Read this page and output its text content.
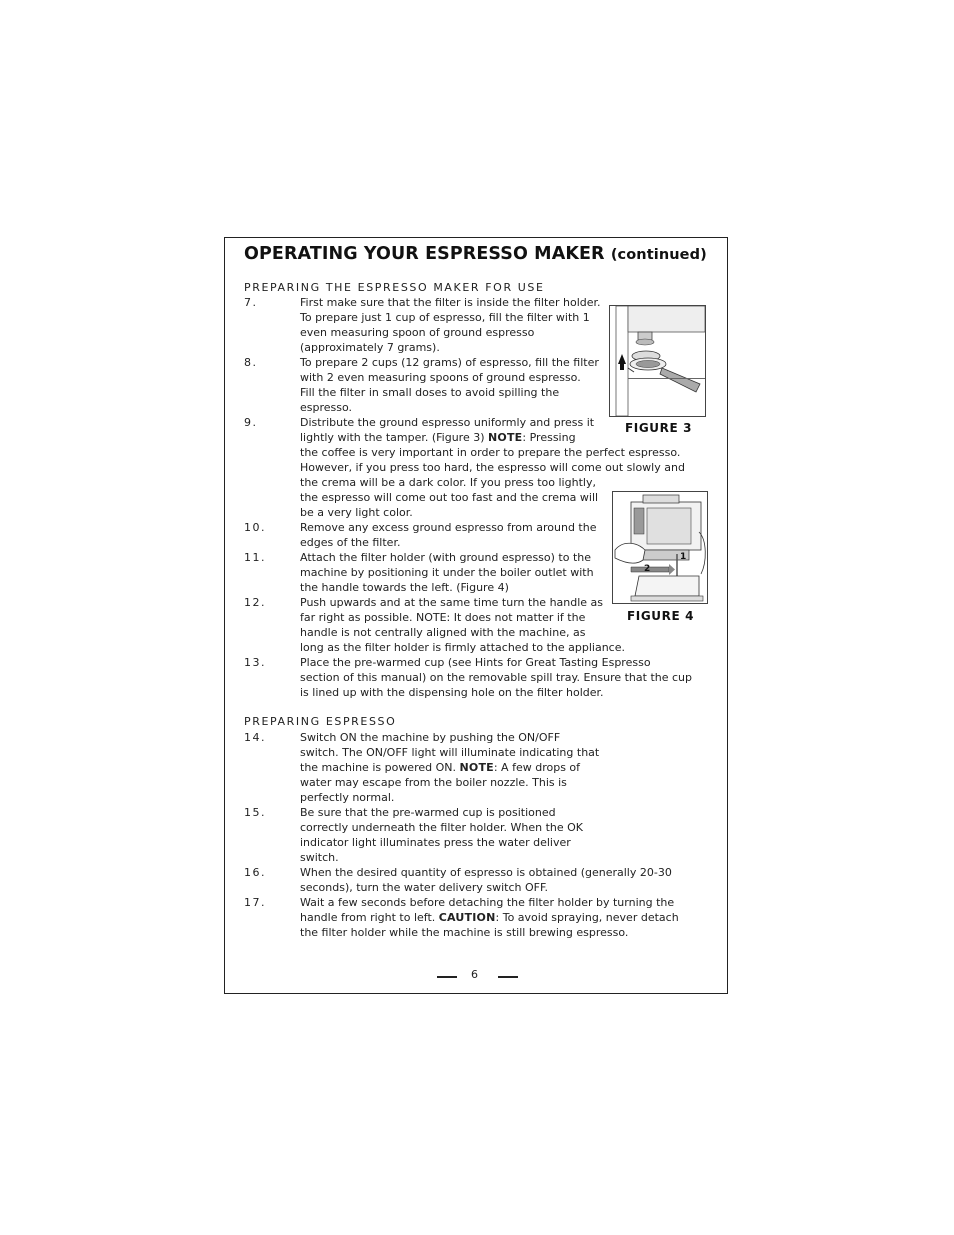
OPERATING YOUR ESPRESSO MAKER (continued)
PREPARING THE ESPRESSO MAKER FOR USE
7.	First make sure that the filter is inside the filter holder.
To prepare just 1 cup of espresso, fill the filter with 1
even measuring spoon of ground espresso
(approximately 7 grams).
8.	To prepare 2 cups (12 grams) of espresso, fill the filter
with 2 even measuring spoons of ground espresso.
Fill the filter in small doses to avoid spilling the
espresso.
9.	Distribute the ground espresso uniformly and press it
lightly with the tamper. (Figure 3) NOTE: Pressing
the coffee is very important in order to prepare the perfect espresso.
However, if you press too hard, the espresso will come out slowly and
the crema will be a dark color. If you press too lightly,
the espresso will come out too fast and the crema will
be a very light color.
10.	Remove any excess ground espresso from around the
edges of the filter.
11.	Attach the filter holder (with ground espresso) to the
machine by positioning it under the boiler outlet with
the handle towards the left. (Figure 4)
12.	Push upwards and at the same time turn the handle as
far right as possible. NOTE: It does not matter if the
handle is not centrally aligned with the machine, as
long as the filter holder is firmly attached to the appliance.
13.	Place the pre-warmed cup (see Hints for Great Tasting Espresso
section of this manual) on the removable spill tray. Ensure that the cup
is lined up with the dispensing hole on the filter holder.
PREPARING ESPRESSO
14.	Switch ON the machine by pushing the ON/OFF
switch. The ON/OFF light will illuminate indicating that
the machine is powered ON. NOTE: A few drops of
water may escape from the boiler nozzle. This is
perfectly normal.
15.	Be sure that the pre-warmed cup is positioned
correctly underneath the filter holder. When the OK
indicator light illuminates press the water deliver
switch.
16.	When the desired quantity of espresso is obtained (generally 20-30
seconds), turn the water delivery switch OFF.
17.	Wait a few seconds before detaching the filter holder by turning the
handle from right to left. CAUTION: To avoid spraying, never detach
the filter holder while the machine is still brewing espresso.
FIGURE 3
1
2
FIGURE 4
6
